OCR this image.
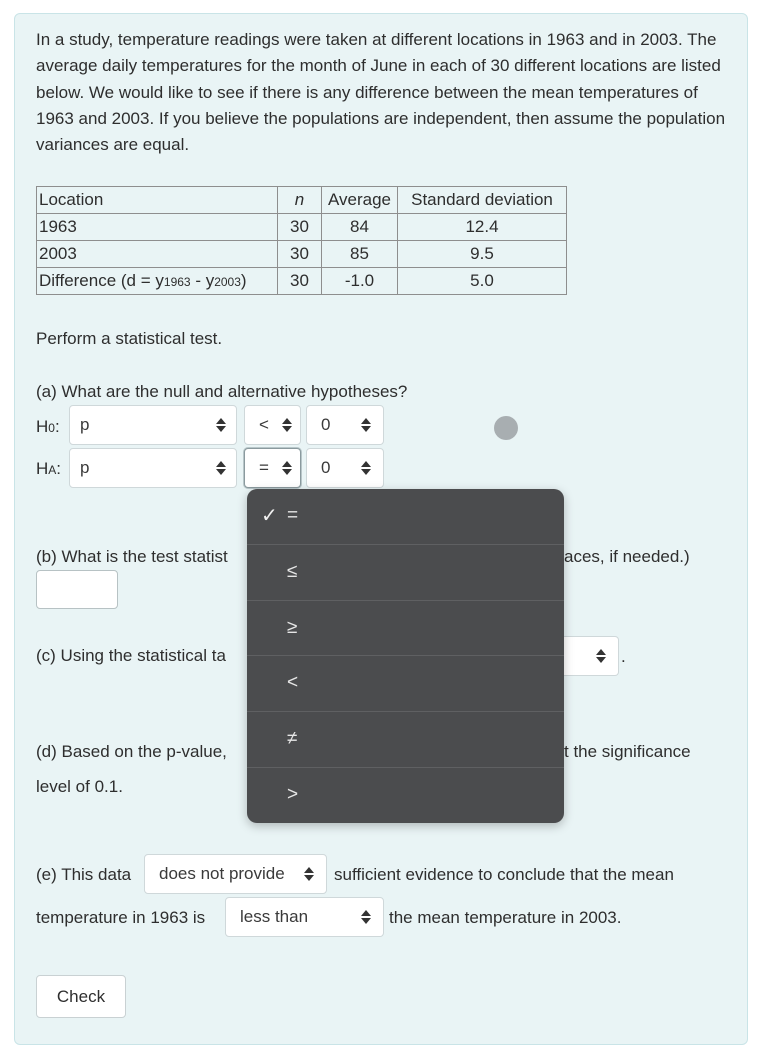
In a study, temperature readings were taken at different locations in 1963 and in 2003. The average daily temperatures for the month of June in each of 30 different locations are listed below. We would like to see if there is any difference between the mean temperatures of 1963 and 2003. If you believe the populations are independent, then assume the population variances are equal.
Location	n	Average	Standard deviation
1963	30	84	12.4
2003	30	85	9.5
Difference (d = y1963 - y2003)	30	-1.0	5.0
Perform a statistical test.
(a) What are the null and alternative hypotheses?
H0: p	<	0
HA: p	=	0
(b) What is the test statist	aces, if needed.)
(c) Using the statistical ta	.
(d) Based on the p-value,	t the significance
level of 0.1.
✓ =
≤
≥
<
≠
>
(e) This data does not provide	sufficient evidence to conclude that the mean
temperature in 1963 is less than	the mean temperature in 2003.
Check
